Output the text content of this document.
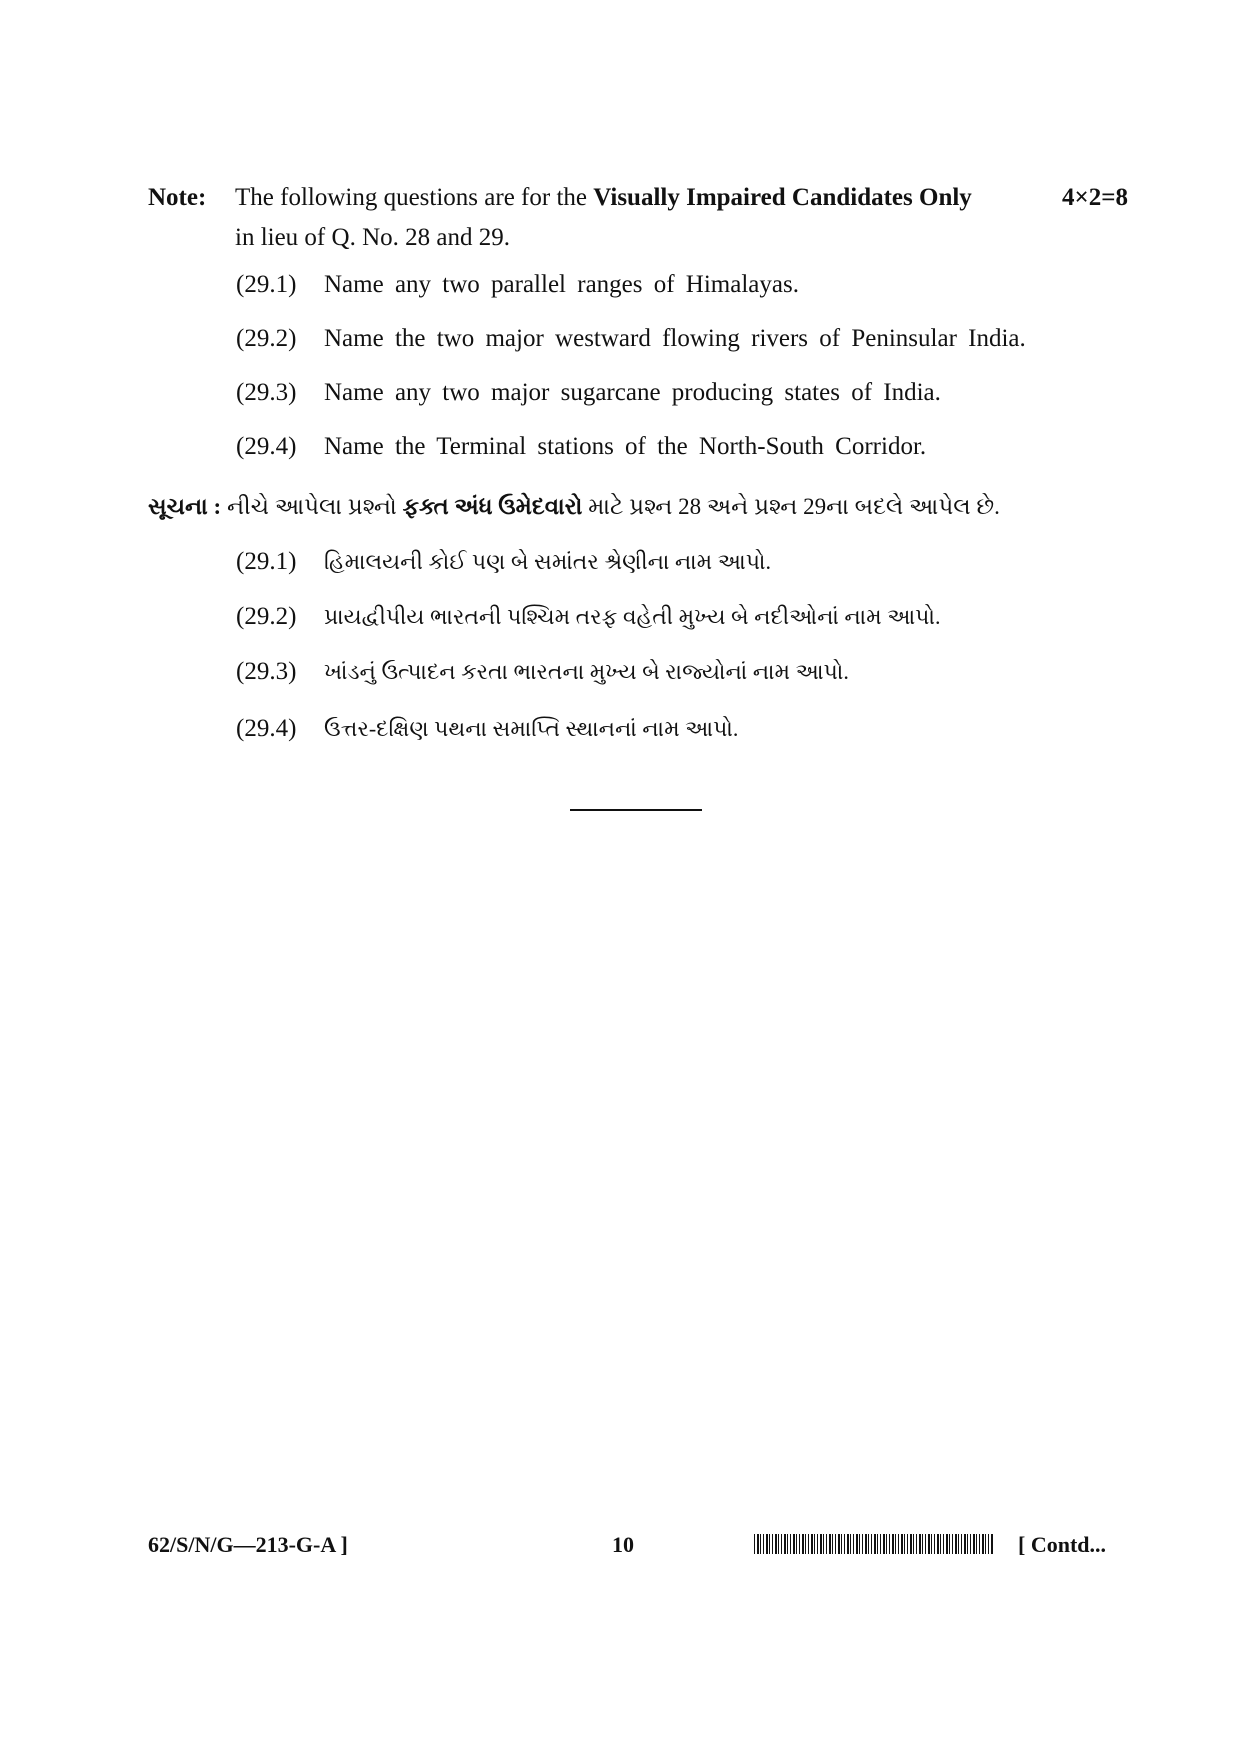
Note: The following questions are for the Visually Impaired Candidates Only
in lieu of Q. No. 28 and 29.
4×2=8
(29.1) Name any two parallel ranges of Himalayas.
(29.2) Name the two major westward flowing rivers of Peninsular India.
(29.3) Name any two major sugarcane producing states of India.
(29.4) Name the Terminal stations of the North-South Corridor.
સૂચના : નીચે આપેલા પ્રશ્નો ફક્ત અંધ ઉમેદવારો માટે પ્રશ્ન 28 અને પ્રશ્ન 29ના બદલે આપેલ છે.
(29.1) હિમાલયની કોઈ પણ બે સમાંતર શ્રેણીના નામ આપો.
(29.2) પ્રાયદ્વીપીય ભારતની પશ્ચિમ તરફ વહેતી મુખ્ય બે નદીઓનાં નામ આપો.
(29.3) ખાંડનું ઉત્પાદન કરતા ભારતના મુખ્ય બે રાજ્યોનાં નામ આપો.
(29.4) ઉત્તર-દક્ષિણ પથના સમાપ્તિ સ્થાનનાં નામ આપો.
62/S/N/G—213-G-A ]	10	[ Contd...
